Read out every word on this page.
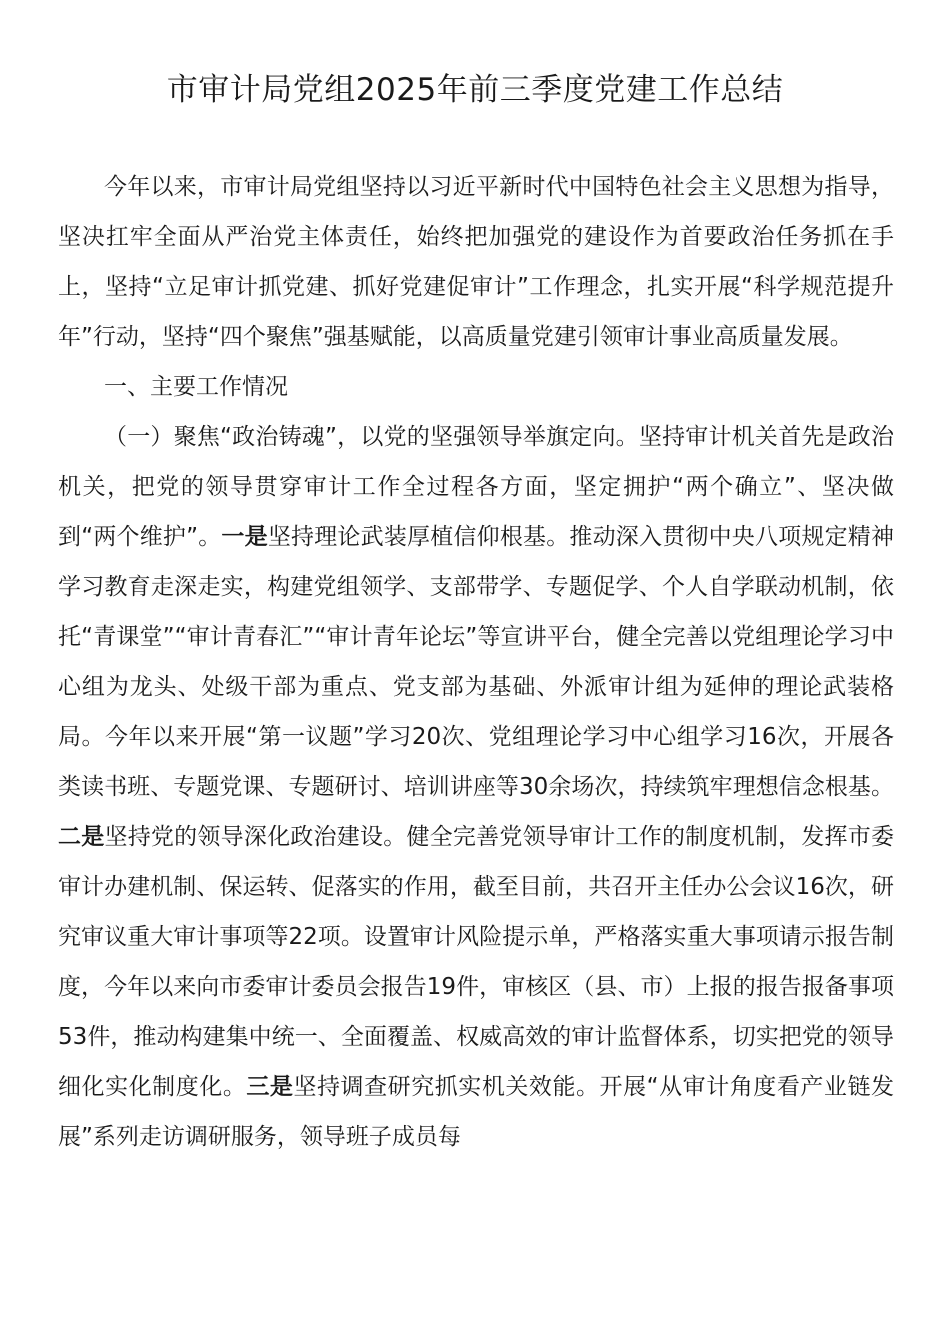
市审计局党组2025年前三季度党建工作总结

今年以来，市审计局党组坚持以习近平新时代中国特色社会主义思想为指导，坚决扛牢全面从严治党主体责任，始终把加强党的建设作为首要政治任务抓在手上，坚持“立足审计抓党建、抓好党建促审计”工作理念，扎实开展“科学规范提升年”行动，坚持“四个聚焦”强基赋能，以高质量党建引领审计事业高质量发展。

一、主要工作情况

（一）聚焦“政治铸魂”，以党的坚强领导举旗定向。坚持审计机关首先是政治机关，把党的领导贯穿审计工作全过程各方面，坚定拥护“两个确立”、坚决做到“两个维护”。一是坚持理论武装厚植信仰根基。推动深入贯彻中央八项规定精神学习教育走深走实，构建党组领学、支部带学、专题促学、个人自学联动机制，依托“青课堂”“审计青春汇”“审计青年论坛”等宣讲平台，健全完善以党组理论学习中心组为龙头、处级干部为重点、党支部为基础、外派审计组为延伸的理论武装格局。今年以来开展“第一议题”学习20次、党组理论学习中心组学习16次，开展各类读书班、专题党课、专题研讨、培训讲座等30余场次，持续筑牢理想信念根基。二是坚持党的领导深化政治建设。健全完善党领导审计工作的制度机制，发挥市委审计办建机制、保运转、促落实的作用，截至目前，共召开主任办公会议16次，研究审议重大审计事项等22项。设置审计风险提示单，严格落实重大事项请示报告制度，今年以来向市委审计委员会报告19件，审核区（县、市）上报的报告报备事项53件，推动构建集中统一、全面覆盖、权威高效的审计监督体系，切实把党的领导细化实化制度化。三是坚持调查研究抓实机关效能。开展“从审计角度看产业链发展”系列走访调研服务，领导班子成员每
